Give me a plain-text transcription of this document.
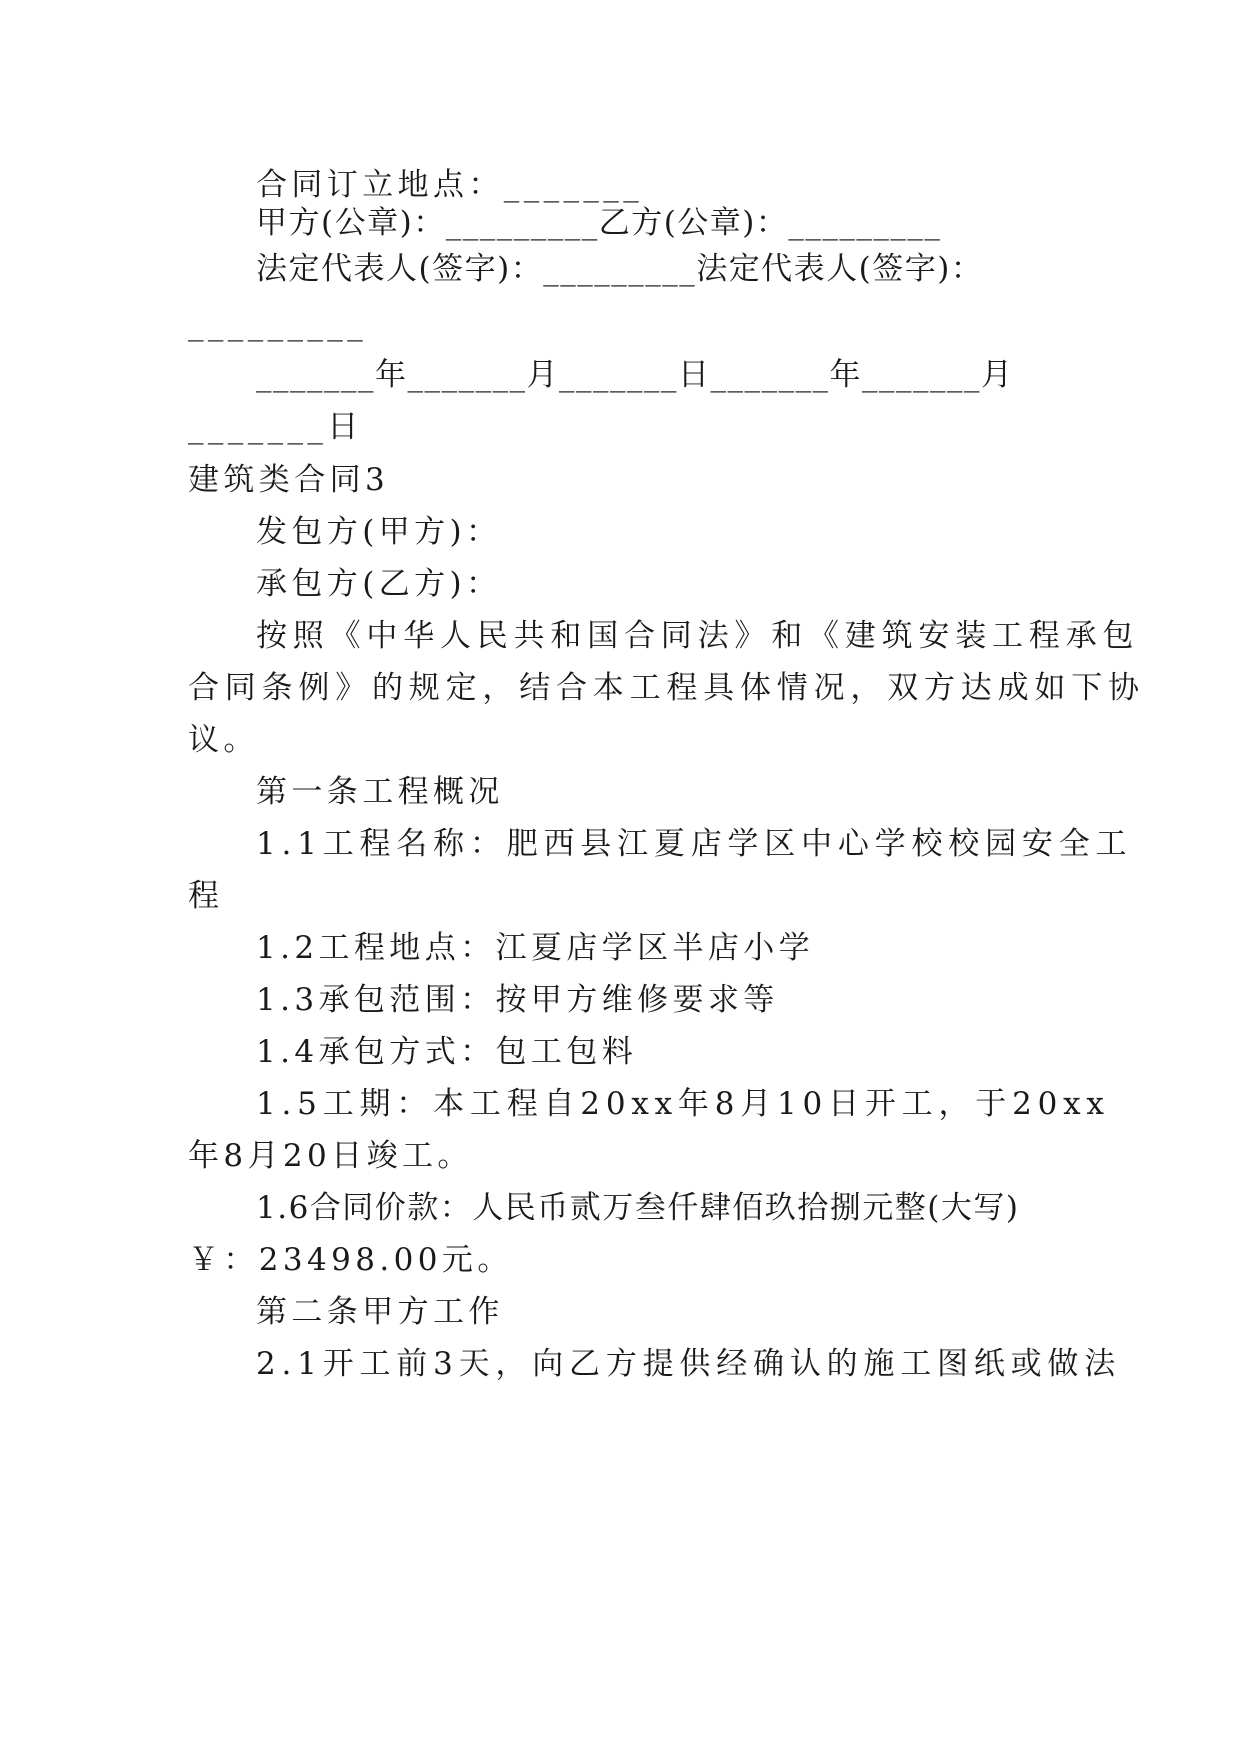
合同订立地点：_______
甲方(公章)：_________乙方(公章)：_________
法定代表人(签字)：_________法定代表人(签字)：
_________
_______年_______月_______日_______年_______月
_______日
建筑类合同3
发包方(甲方)：
承包方(乙方)：
按照《中华人民共和国合同法》和《建筑安装工程承包
合同条例》的规定，结合本工程具体情况，双方达成如下协
议。
第一条工程概况
1.1工程名称：肥西县江夏店学区中心学校校园安全工
程
1.2工程地点：江夏店学区半店小学
1.3承包范围：按甲方维修要求等
1.4承包方式：包工包料
1.5工期：本工程自20xx年8月10日开工，于20xx
年8月20日竣工。
1.6合同价款：人民币贰万叁仟肆佰玖拾捌元整(大写)
￥：23498.00元。
第二条甲方工作
2.1开工前3天，向乙方提供经确认的施工图纸或做法
